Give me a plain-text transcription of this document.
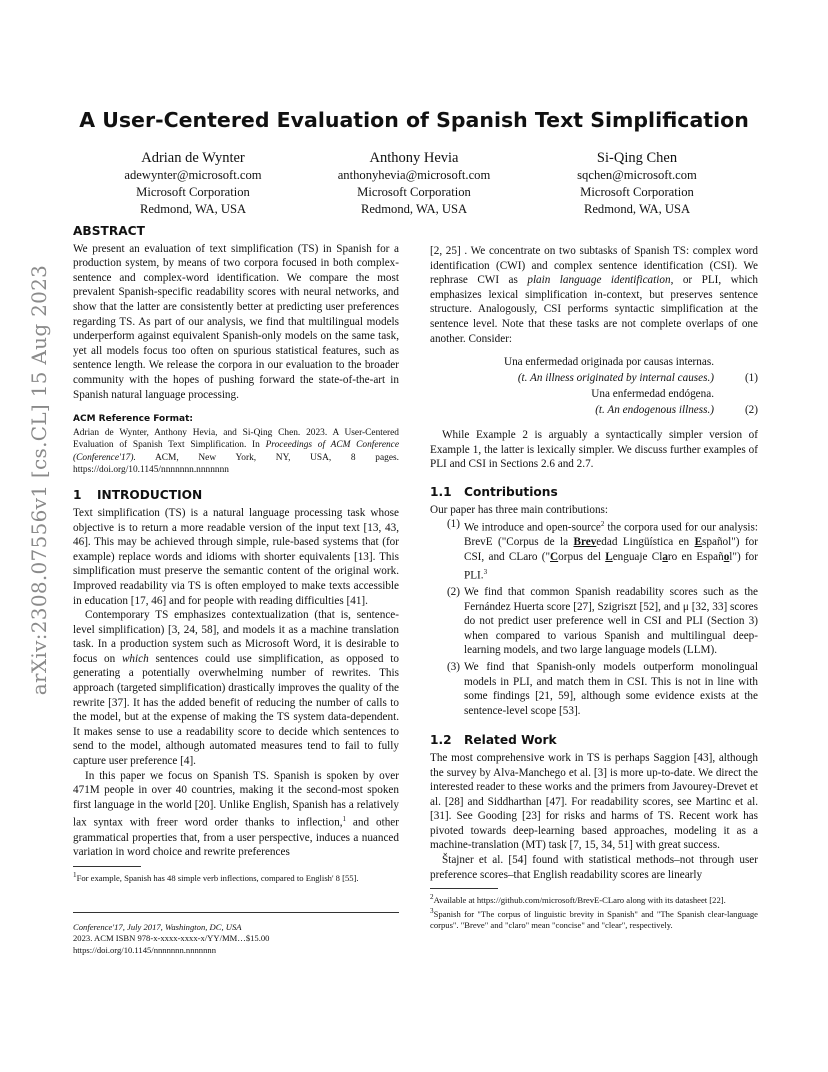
arXiv:2308.07556v1 [cs.CL] 15 Aug 2023
A User-Centered Evaluation of Spanish Text Simplification
Adrian de Wynter
adewynter@microsoft.com
Microsoft Corporation
Redmond, WA, USA
Anthony Hevia
anthonyhevia@microsoft.com
Microsoft Corporation
Redmond, WA, USA
Si-Qing Chen
sqchen@microsoft.com
Microsoft Corporation
Redmond, WA, USA
ABSTRACT

We present an evaluation of text simplification (TS) in Spanish for a production system, by means of two corpora focused in both complex-sentence and complex-word identification. We compare the most prevalent Spanish-specific readability scores with neural networks, and show that the latter are consistently better at predicting user preferences regarding TS. As part of our analysis, we find that multilingual models underperform against equivalent Spanish-only models on the same task, yet all models focus too often on spurious statistical features, such as sentence length. We release the corpora in our evaluation to the broader community with the hopes of pushing forward the state-of-the-art in Spanish natural language processing.

ACM Reference Format:

Adrian de Wynter, Anthony Hevia, and Si-Qing Chen. 2023. A User-Centered Evaluation of Spanish Text Simplification. In Proceedings of ACM Conference (Conference'17). ACM, New York, NY, USA, 8 pages. https://doi.org/10.1145/nnnnnnn.nnnnnnn

1 INTRODUCTION

Text simplification (TS) is a natural language processing task whose objective is to return a more readable version of the input text [13, 43, 46]. This may be achieved through simple, rule-based systems that (for example) replace words and idioms with shorter equivalents [13]. This simplification must preserve the semantic content of the original work. Improved readability via TS is often employed to make texts accessible in education [17, 46] and for people with reading difficulties [41].

Contemporary TS emphasizes contextualization (that is, sentence-level simplification) [3, 24, 58], and models it as a machine translation task. In a production system such as Microsoft Word, it is desirable to focus on which sentences could use simplification, as opposed to generating a potentially overwhelming number of rewrites. This approach (targeted simplification) drastically improves the quality of the rewrite [37]. It has the added benefit of reducing the number of calls to the model, but at the expense of making the TS system data-dependent. It makes sense to use a readability score to decide which sentences to send to the model, although automated measures tend to fail to fully capture user preference [4].

In this paper we focus on Spanish TS. Spanish is spoken by over 471M people in over 40 countries, making it the second-most spoken first language in the world [20]. Unlike English, Spanish has a relatively lax syntax with freer word order thanks to inflection,$^1$ and other grammatical properties that, from a user perspective, induces a nuanced variation in word choice and rewrite preferences

$^1$For example, Spanish has 48 simple verb inflections, compared to English' 8 [55].

Conference'17, July 2017, Washington, DC, USA
2023. ACM ISBN 978-x-xxxx-xxxx-x/YY/MM…$15.00
https://doi.org/10.1145/nnnnnnn.nnnnnnn

[2, 25] . We concentrate on two subtasks of Spanish TS: complex word identification (CWI) and complex sentence identification (CSI). We rephrase CWI as plain language identification, or PLI, which emphasizes lexical simplification in-context, but preserves sentence structure. Analogously, CSI performs syntactic simplification at the sentence level. Note that these tasks are not complete overlaps of one another. Consider:

Una enfermedad originada por causas internas.
(t. An illness originated by internal causes.)	(1)
Una enfermedad endógena.
(t. An endogenous illness.)	(2)

While Example 2 is arguably a syntactically simpler version of Example 1, the latter is lexically simpler. We discuss further examples of PLI and CSI in Sections 2.6 and 2.7.

1.1 Contributions

Our paper has three main contributions:

(1) We introduce and open-source$^2$ the corpora used for our analysis: BrevE ("Corpus de la Brevedad Lingüística en Español") for CSI, and CLaro ("Corpus del Lenguaje Claro en Español") for PLI.$^3$
(2) We find that common Spanish readability scores such as the Fernández Huerta score [27], Szigriszt [52], and μ [32, 33] scores do not predict user preference well in CSI and PLI (Section 3) when compared to various Spanish and multilingual deep-learning models, and two large language models (LLM).
(3) We find that Spanish-only models outperform monolingual models in PLI, and match them in CSI. This is not in line with some findings [21, 59], although some evidence exists at the sentence-level scope [53].
1.2 Related Work

The most comprehensive work in TS is perhaps Saggion [43], although the survey by Alva-Manchego et al. [3] is more up-to-date. We direct the interested reader to these works and the primers from Javourey-Drevet et al. [28] and Siddharthan [47]. For readability scores, see Martinc et al. [31]. See Gooding [23] for risks and harms of TS. Recent work has pivoted towards deep-learning based approaches, modeling it as a machine-translation (MT) task [7, 15, 34, 51] with great success.

Štajner et al. [54] found with statistical methods–not through user preference scores–that English readability scores are linearly

$^2$Available at https://github.com/microsoft/BrevE-CLaro along with its datasheet [22].

$^3$Spanish for "The corpus of linguistic brevity in Spanish" and "The Spanish clear-language corpus". "Breve" and "claro" mean "concise" and "clear", respectively.
